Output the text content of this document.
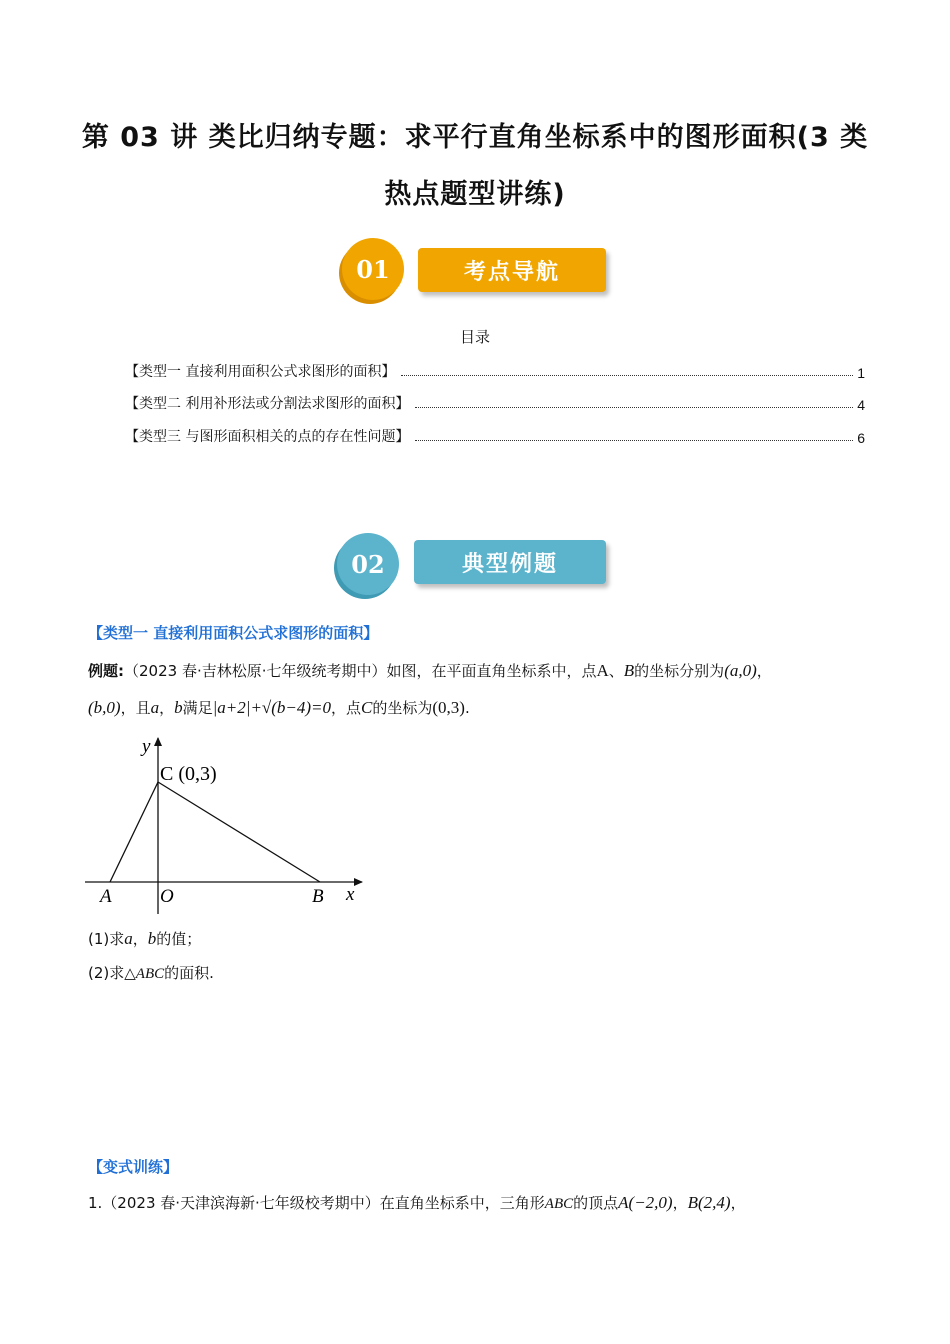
第 03 讲 类比归纳专题：求平行直角坐标系中的图形面积(3 类
热点题型讲练)
01	考点导航
目录
【类型一 直接利用面积公式求图形的面积】	1
【类型二 利用补形法或分割法求图形的面积】	4
【类型三 与图形面积相关的点的存在性问题】	6
02	典型例题
【类型一 直接利用面积公式求图形的面积】
例题:（2023 春·吉林松原·七年级统考期中）如图，在平面直角坐标系中，点A、B的坐标分别为(a,0)，
(b,0)，且a，b满足|a+2|+√(b−4)=0，点C的坐标为(0,3).
y
x
C (0,3)
A	O	B
(1)求a，b的值；
(2)求△ABC的面积.
【变式训练】
1.（2023 春·天津滨海新·七年级校考期中）在直角坐标系中，三角形ABC的顶点A(−2,0)，B(2,4)，
